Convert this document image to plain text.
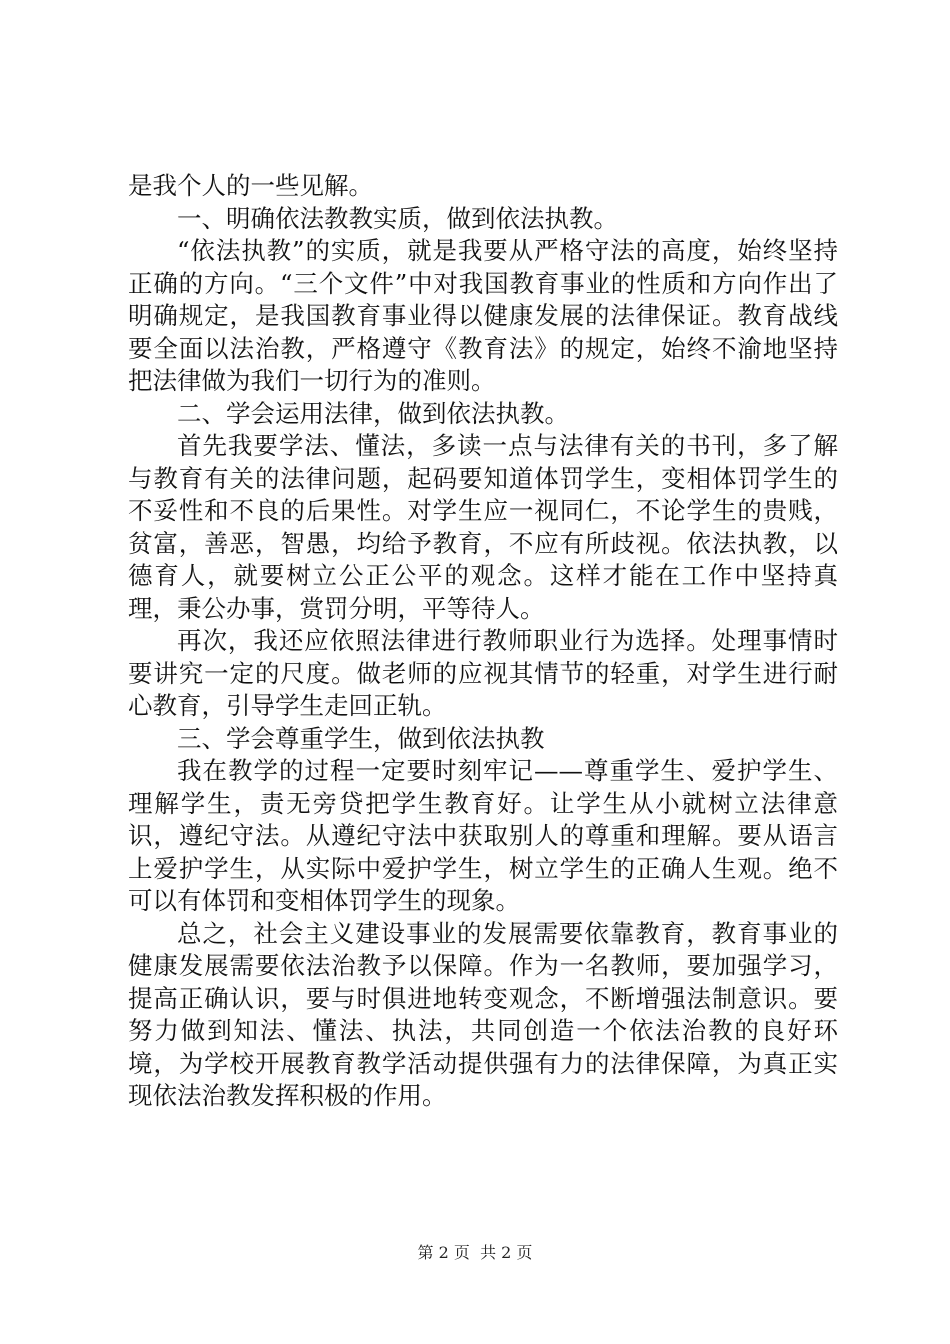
是我个人的一些见解。

一、明确依法教教实质，做到依法执教。

“依法执教”的实质，就是我要从严格守法的高度，始终坚持正确的方向。“三个文件”中对我国教育事业的性质和方向作出了明确规定，是我国教育事业得以健康发展的法律保证。教育战线要全面以法治教，严格遵守《教育法》的规定，始终不渝地坚持把法律做为我们一切行为的准则。

二、学会运用法律，做到依法执教。

首先我要学法、懂法，多读一点与法律有关的书刊，多了解与教育有关的法律问题，起码要知道体罚学生，变相体罚学生的不妥性和不良的后果性。对学生应一视同仁，不论学生的贵贱，贫富，善恶，智愚，均给予教育，不应有所歧视。依法执教，以德育人，就要树立公正公平的观念。这样才能在工作中坚持真理，秉公办事，赏罚分明，平等待人。

再次，我还应依照法律进行教师职业行为选择。处理事情时要讲究一定的尺度。做老师的应视其情节的轻重，对学生进行耐心教育，引导学生走回正轨。

三、学会尊重学生，做到依法执教

我在教学的过程一定要时刻牢记——尊重学生、爱护学生、理解学生，责无旁贷把学生教育好。让学生从小就树立法律意识，遵纪守法。从遵纪守法中获取别人的尊重和理解。要从语言上爱护学生，从实际中爱护学生，树立学生的正确人生观。绝不可以有体罚和变相体罚学生的现象。

总之，社会主义建设事业的发展需要依靠教育，教育事业的健康发展需要依法治教予以保障。作为一名教师，要加强学习，提高正确认识，要与时俱进地转变观念，不断增强法制意识。要努力做到知法、懂法、执法，共同创造一个依法治教的良好环境，为学校开展教育教学活动提供强有力的法律保障，为真正实现依法治教发挥积极的作用。

第 2 页  共 2 页
